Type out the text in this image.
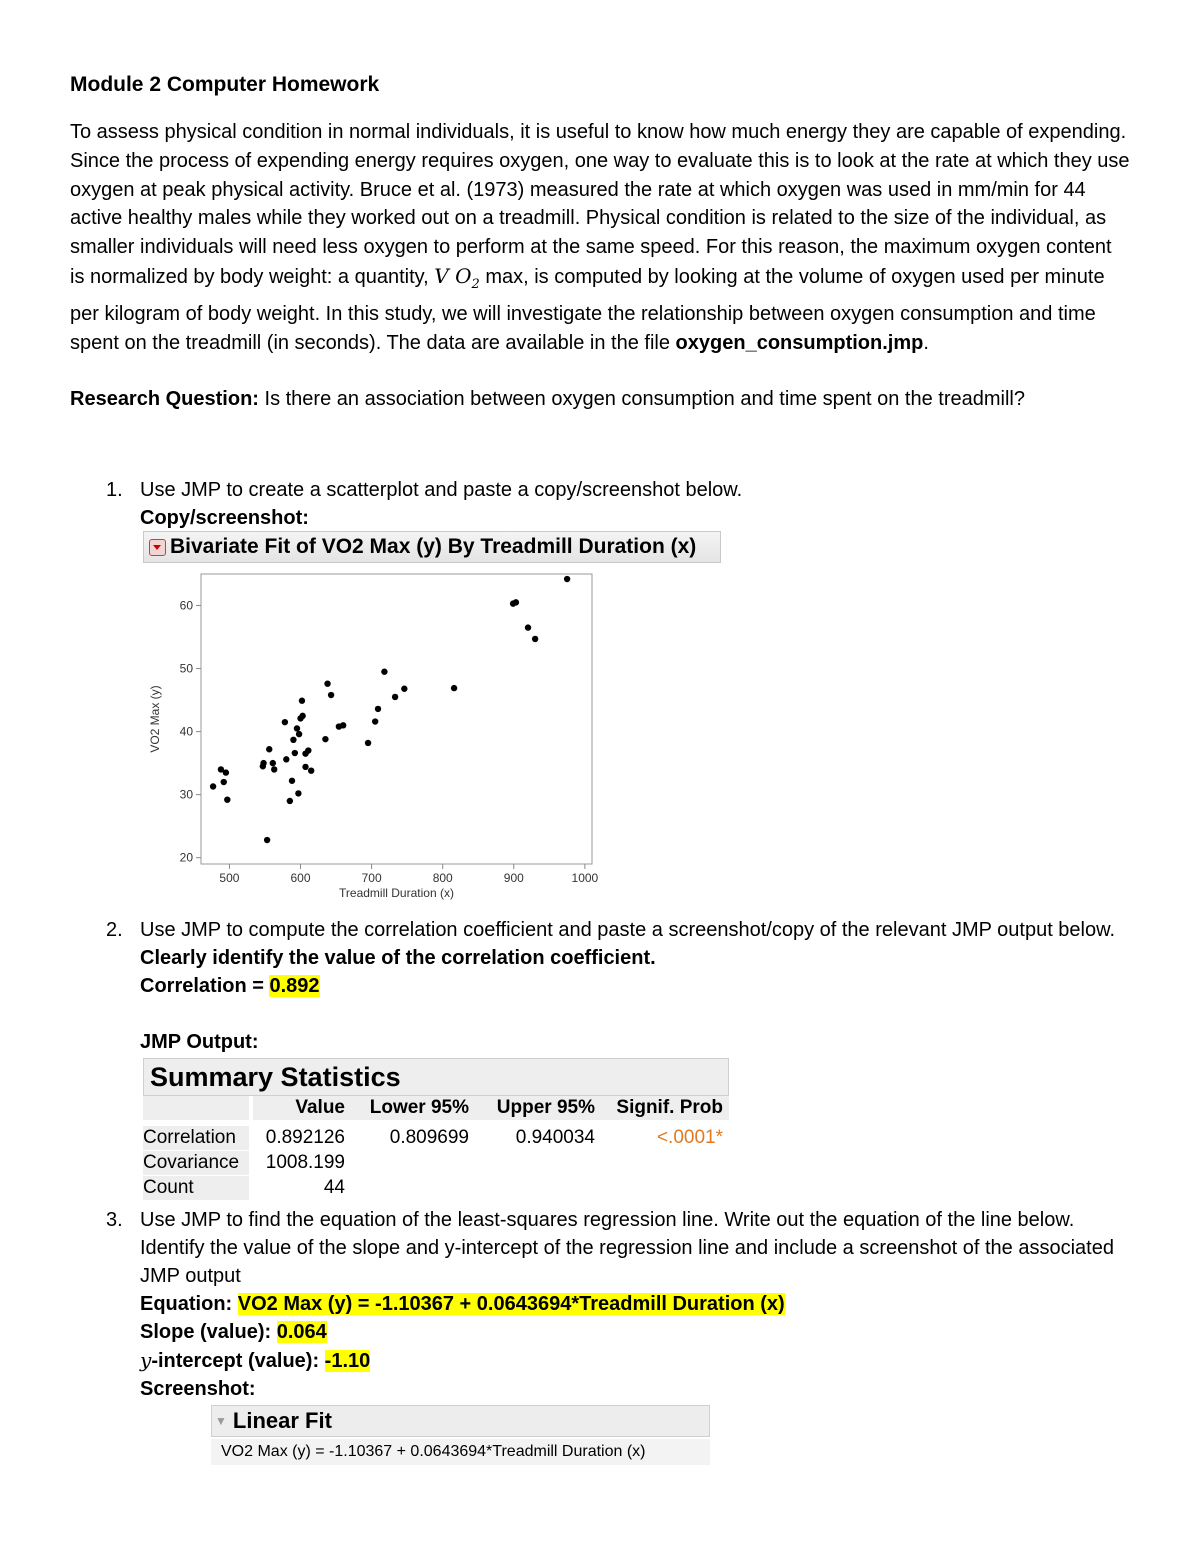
Module 2 Computer Homework

To assess physical condition in normal individuals, it is useful to know how much energy they are capable of expending. Since the process of expending energy requires oxygen, one way to evaluate this is to look at the rate at which they use oxygen at peak physical activity. Bruce et al. (1973) measured the rate at which oxygen was used in mm/min for 44 active healthy males while they worked out on a treadmill. Physical condition is related to the size of the individual, as smaller individuals will need less oxygen to perform at the same speed. For this reason, the maximum oxygen content is normalized by body weight: a quantity, V $O_2$ max, is computed by looking at the volume of oxygen used per minute per kilogram of body weight. In this study, we will investigate the relationship between oxygen consumption and time spent on the treadmill (in seconds). The data are available in the file oxygen_consumption.jmp.

Research Question: Is there an association between oxygen consumption and time spent on the treadmill?

1. Use JMP to create a scatterplot and paste a copy/screenshot below.
Copy/screenshot:
Bivariate Fit of VO2 Max (y) By Treadmill Duration (x)
500	600	700	800	900	1000
20
30
40
50
60
Treadmill Duration (x)
VO2 Max (y)
2. Use JMP to compute the correlation coefficient and paste a screenshot/copy of the relevant JMP output below. Clearly identify the value of the correlation coefficient.
Correlation = 0.892
JMP Output:
Summary Statistics
Value	Lower 95%	Upper 95%	Signif. Prob
Correlation	0.892126	0.809699	0.940034	<.0001*
Covariance	1008.199
Count	44
3. Use JMP to find the equation of the least-squares regression line. Write out the equation of the line below. Identify the value of the slope and y-intercept of the regression line and include a screenshot of the associated JMP output
Equation: VO2 Max (y) = -1.10367 + 0.0643694*Treadmill Duration (x)
Slope (value): 0.064
y-intercept (value): -1.10
Screenshot:
▼ Linear Fit
VO2 Max (y) = -1.10367 + 0.0643694*Treadmill Duration (x)
